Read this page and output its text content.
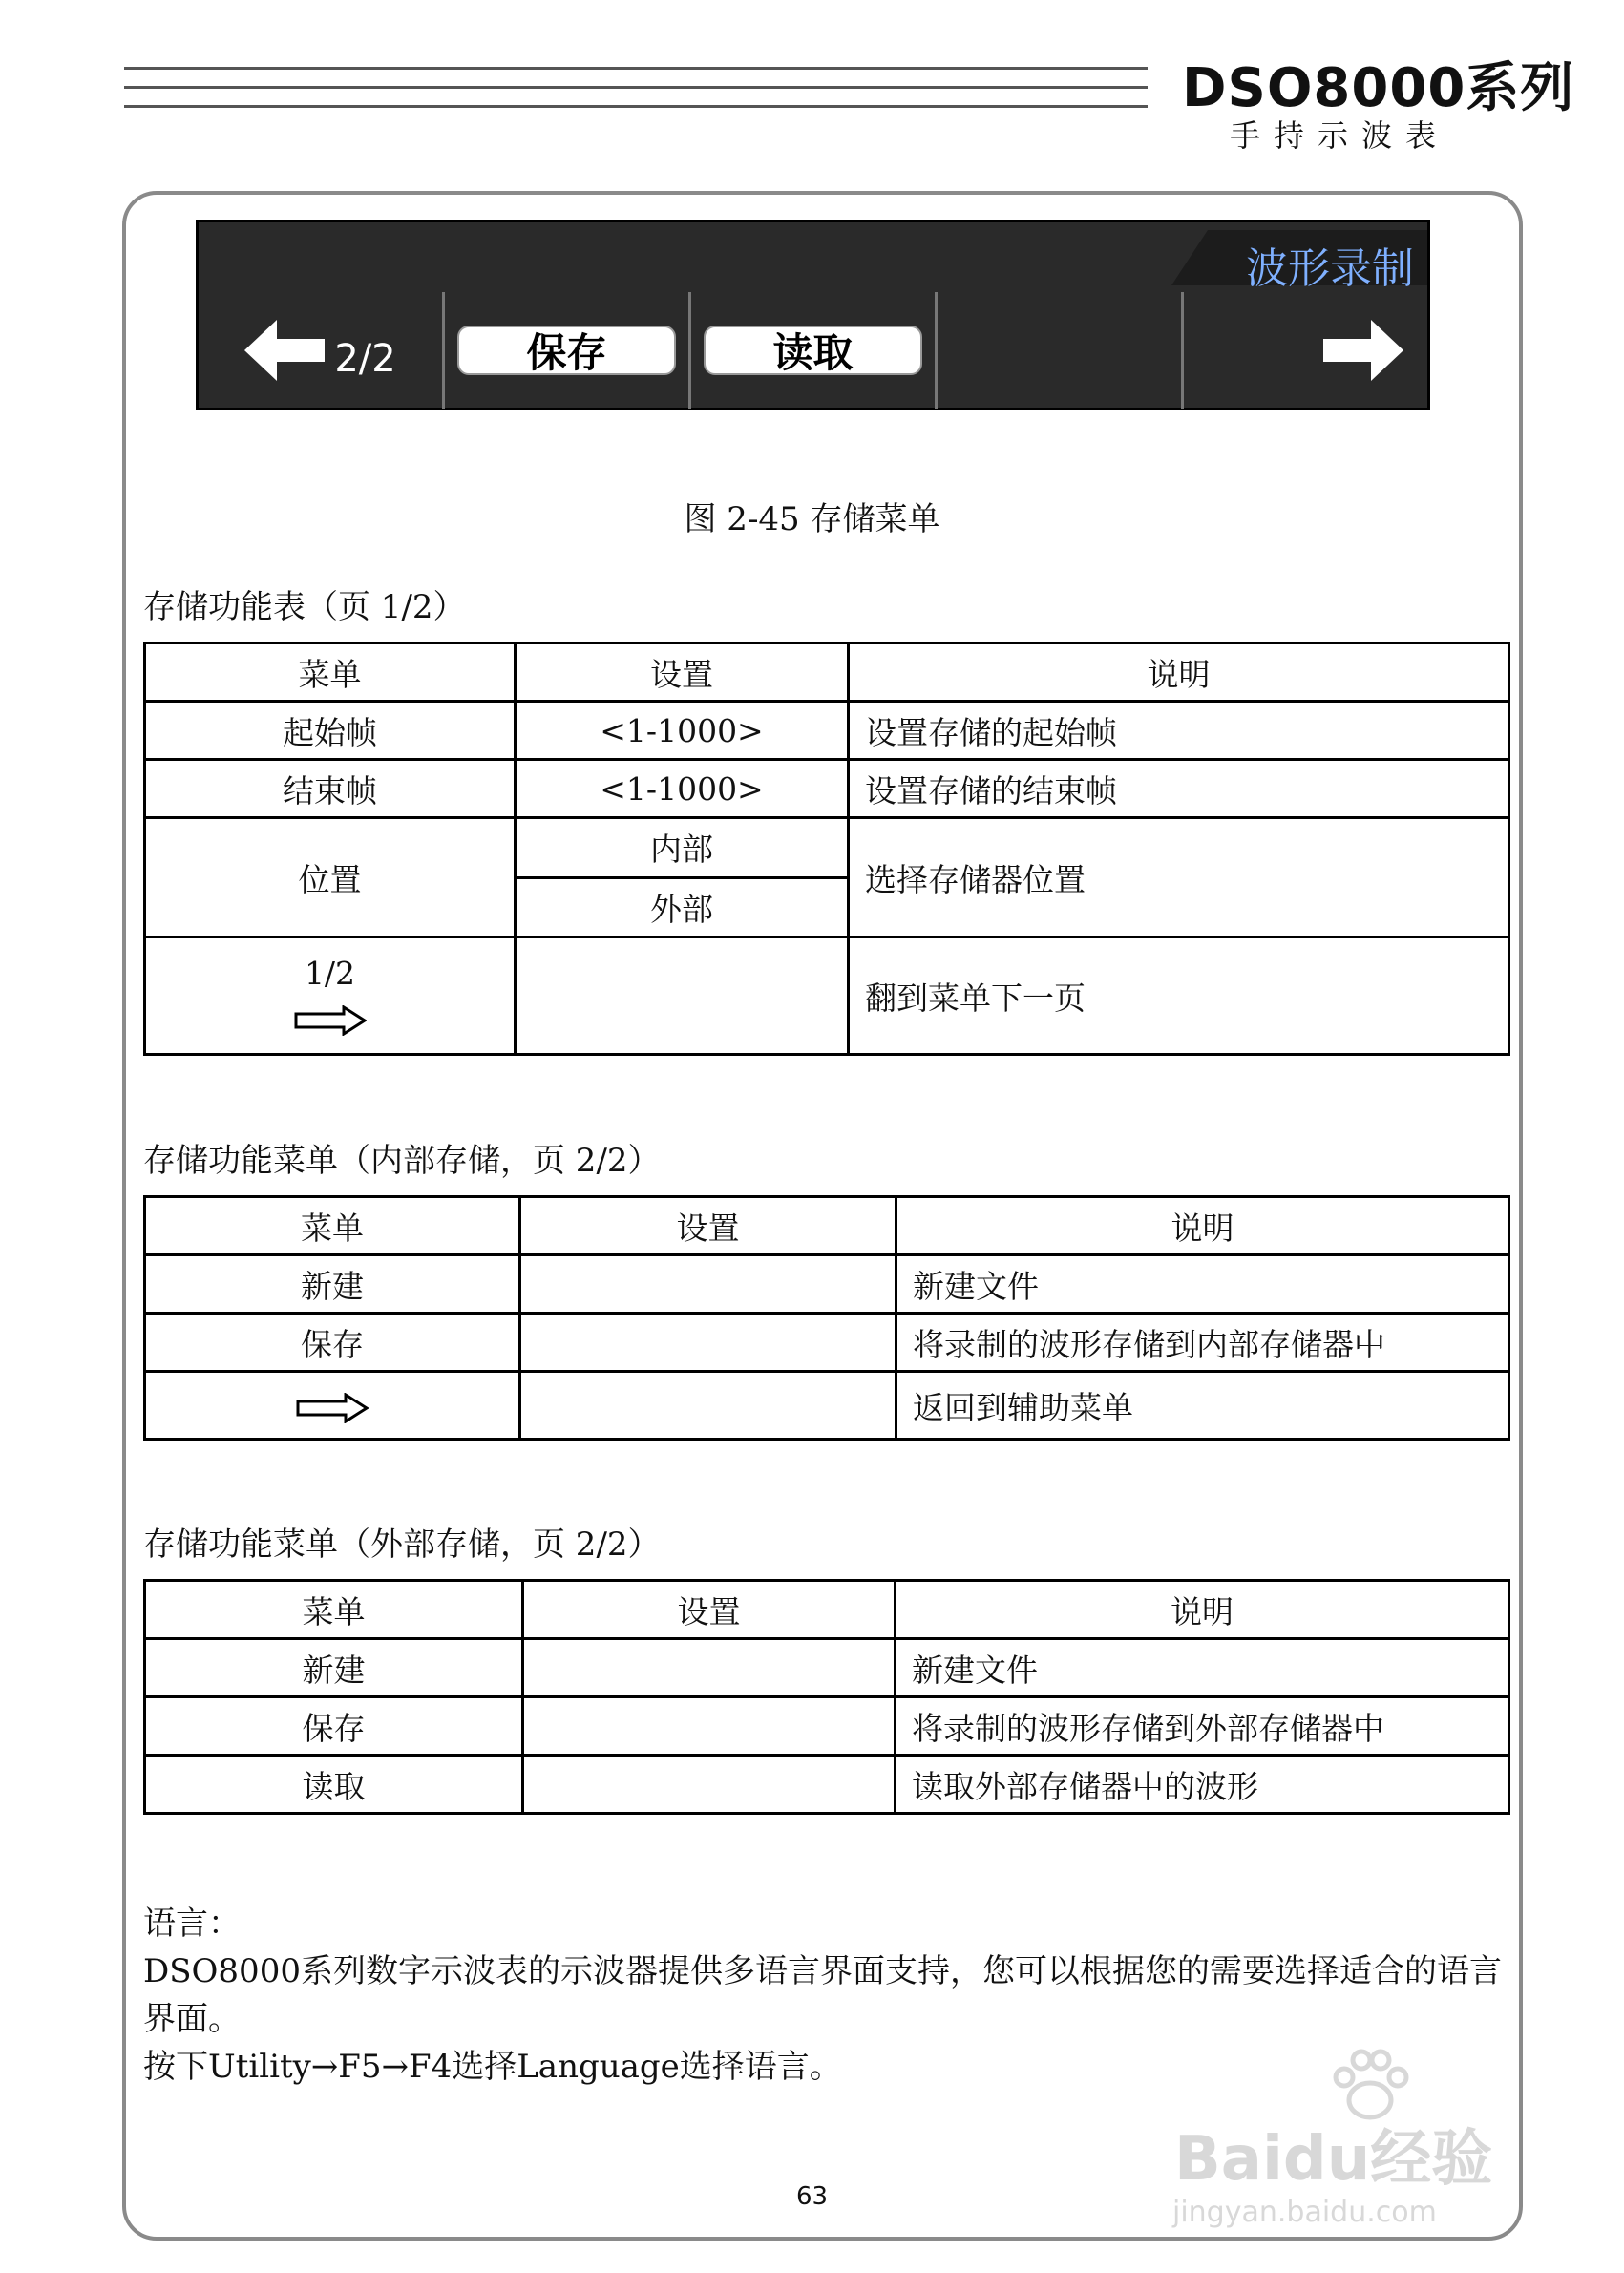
DSO8000系列
手持示波表
波形录制
2/2	保存	读取
图 2-45 存储菜单
存储功能表（页 1/2）
菜单	设置	说明
起始帧	<1-1000>	设置存储的起始帧
结束帧	<1-1000>	设置存储的结束帧
位置	内部	选择存储器位置
	外部	

1/2		翻到菜单下一页
存储功能菜单（内部存储，页 2/2）
菜单	设置	说明
新建		新建文件
保存		将录制的波形存储到内部存储器中
		返回到辅助菜单
存储功能菜单（外部存储，页 2/2）
菜单	设置	说明
新建		新建文件
保存		将录制的波形存储到外部存储器中
读取		读取外部存储器中的波形
语言：
DSO8000系列数字示波表的示波器提供多语言界面支持，您可以根据您的需要选择适合的语言界面。
按下Utility→F5→F4选择Language选择语言。
63
Baidu经验
jingyan.baidu.com
